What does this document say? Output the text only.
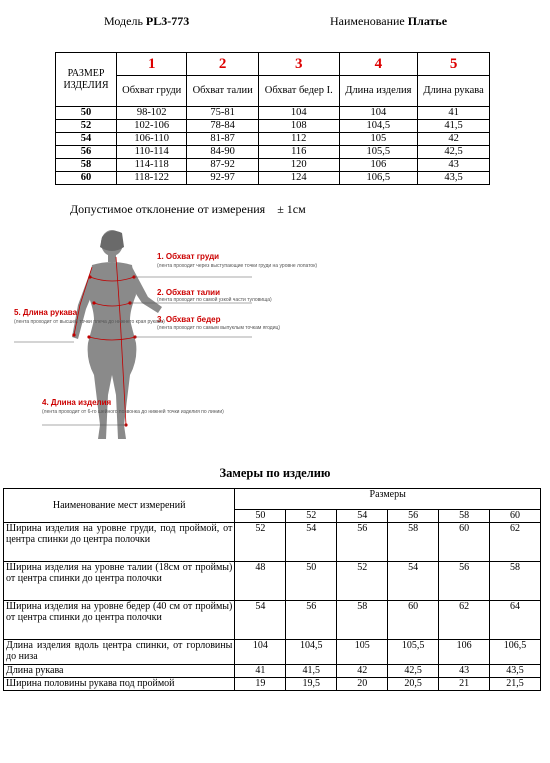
Модель PL3-773	Наименование Платье
РАЗМЕР ИЗДЕЛИЯ	1	2	3	4	5
	Обхват груди	Обхват талии	Обхват бедер I.	Длина изделия	Длина рукава
50	98-102	75-81	104	104	41
52	102-106	78-84	108	104,5	41,5
54	106-110	81-87	112	105	42
56	110-114	84-90	116	105,5	42,5
58	114-118	87-92	120	106	43
60	118-122	92-97	124	106,5	43,5
Допустимое отклонение от измерения ± 1см
1. Обхват груди
(лента проходит через выступающие точки груди на уровне лопаток)
2. Обхват талии
(лента проходит по самой узкой части туловища)
3. Обхват бедер
(лента проходит по самым выпуклым точкам ягодиц)
5. Длина рукава
(лента проходит от высшей точки плеча до нижнего края рукава)
4. Длина изделия
(лента проходит от 6-го шейного позвонка до нижней точки изделия по линии)
Замеры по изделию
Наименование мест измерений	Размеры					
	50	52	54	56	58	60
Ширина изделия на уровне груди, под проймой, от центра спинки до центра полочки	52	54	56	58	60	62
Ширина изделия на уровне талии (18см от проймы) от центра спинки до центра полочки	48	50	52	54	56	58
Ширина изделия на уровне бедер (40 см от проймы) от центра спинки до центра полочки	54	56	58	60	62	64
Длина изделия вдоль центра спинки, от горловины до низа	104	104,5	105	105,5	106	106,5
Длина рукава	41	41,5	42	42,5	43	43,5
Ширина половины рукава под проймой	19	19,5	20	20,5	21	21,5
